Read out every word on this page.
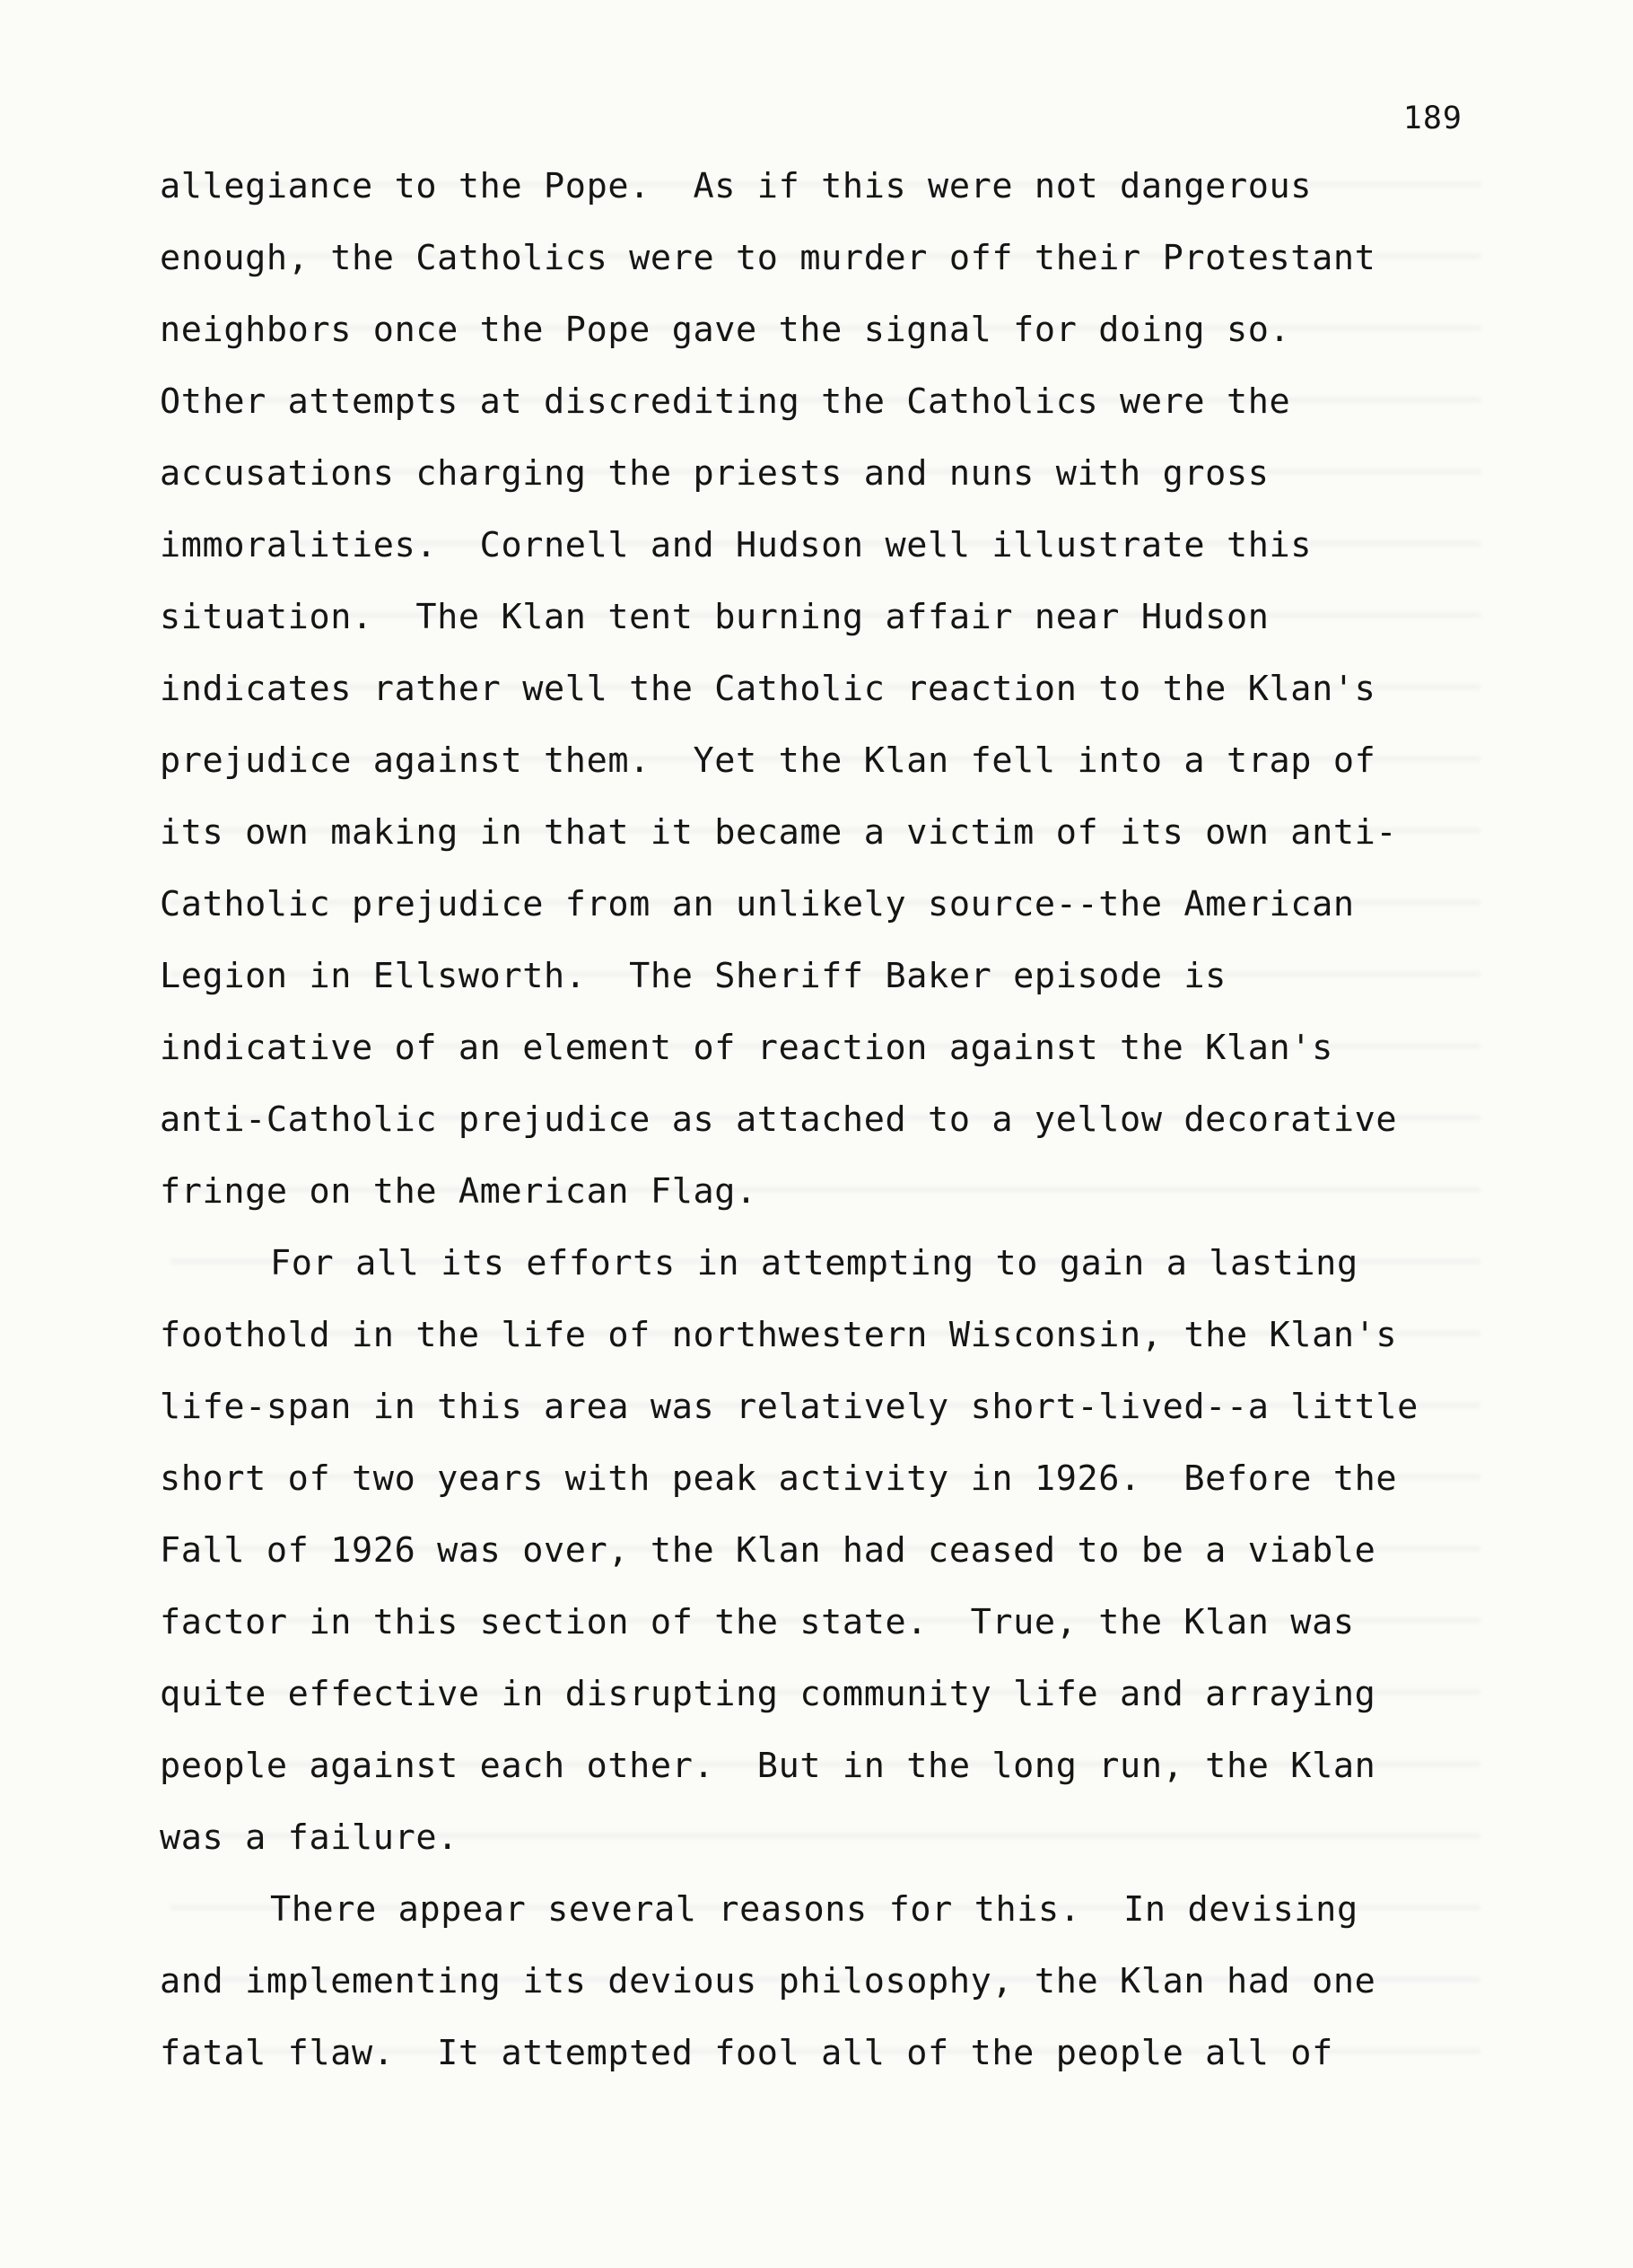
189
allegiance to the Pope.  As if this were not dangerous
enough, the Catholics were to murder off their Protestant
neighbors once the Pope gave the signal for doing so.
Other attempts at discrediting the Catholics were the
accusations charging the priests and nuns with gross
immoralities.  Cornell and Hudson well illustrate this
situation.  The Klan tent burning affair near Hudson
indicates rather well the Catholic reaction to the Klan's
prejudice against them.  Yet the Klan fell into a trap of
its own making in that it became a victim of its own anti-
Catholic prejudice from an unlikely source--the American
Legion in Ellsworth.  The Sheriff Baker episode is
indicative of an element of reaction against the Klan's
anti-Catholic prejudice as attached to a yellow decorative
fringe on the American Flag.
For all its efforts in attempting to gain a lasting
foothold in the life of northwestern Wisconsin, the Klan's
life-span in this area was relatively short-lived--a little
short of two years with peak activity in 1926.  Before the
Fall of 1926 was over, the Klan had ceased to be a viable
factor in this section of the state.  True, the Klan was
quite effective in disrupting community life and arraying
people against each other.  But in the long run, the Klan
was a failure.
There appear several reasons for this.  In devising
and implementing its devious philosophy, the Klan had one
fatal flaw.  It attempted fool all of the people all of
